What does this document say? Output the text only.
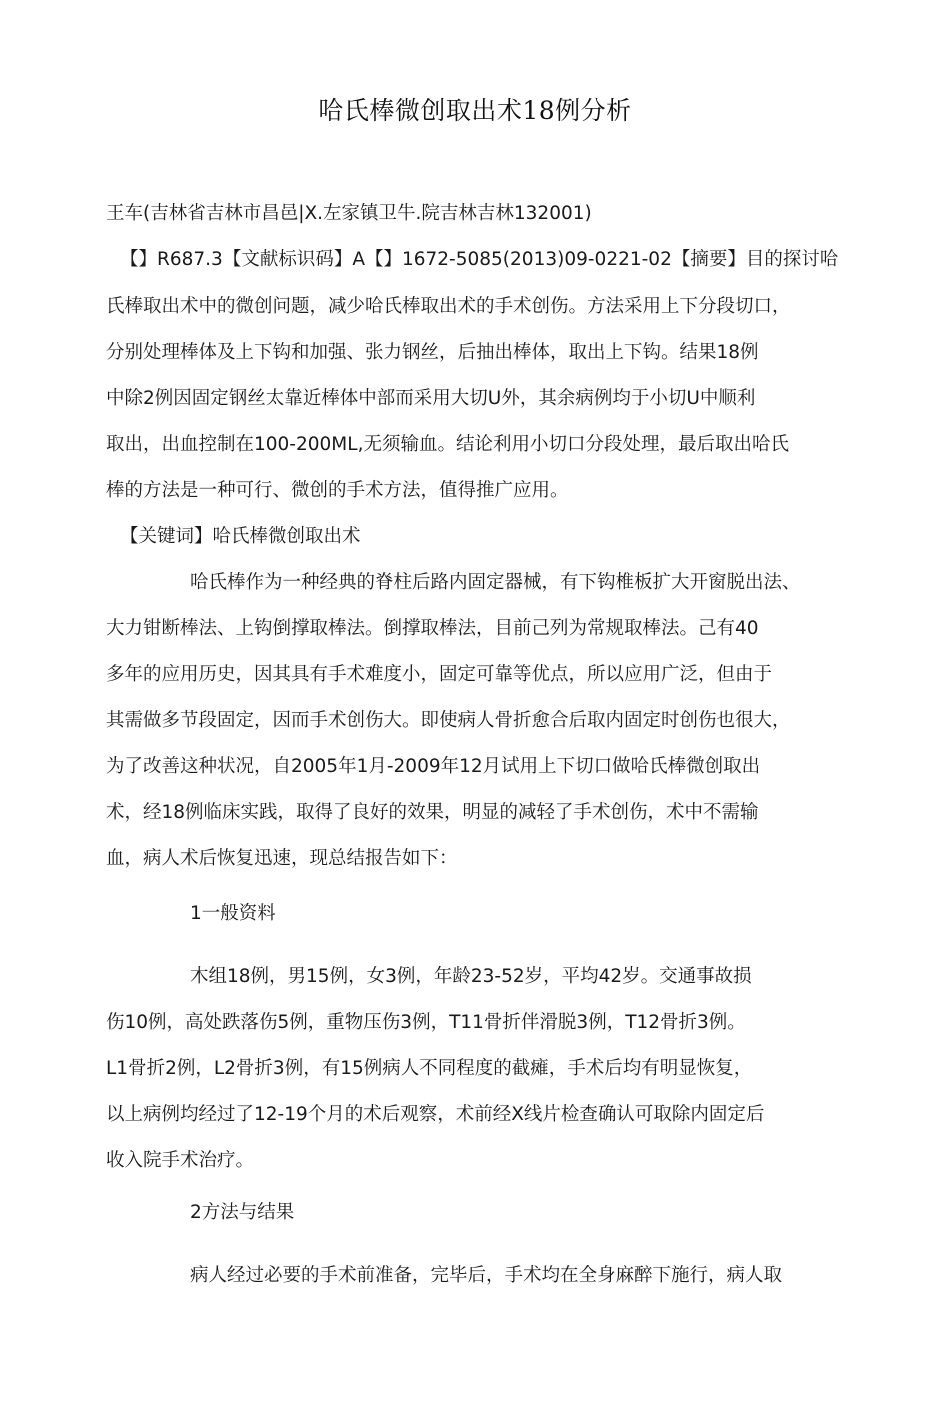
哈氏棒微创取出术18例分析
王车(吉林省吉林市昌邑|X.左家镇卫牛.院吉林吉林132001)
【】R687.3【文献标识码】A【】1672-5085(2013)09-0221-02【摘要】目的探讨哈
氏棒取出术中的微创问题，减少哈氏棒取出术的手术创伤。方法采用上下分段切口，
分别处理棒体及上下钩和加强、张力钢丝，后抽出棒体，取出上下钩。结果18例
中除2例因固定钢丝太靠近棒体中部而采用大切U外，其余病例均于小切U中顺利
取出，出血控制在100-200ML,无须输血。结论利用小切口分段处理，最后取出哈氏
棒的方法是一种可行、微创的手术方法，值得推广应用。
【关键词】哈氏棒微创取出术
哈氏棒作为一种经典的脊柱后路内固定器械，有下钩椎板扩大开窗脱出法、
大力钳断棒法、上钩倒撑取棒法。倒撑取棒法，目前己列为常规取棒法。己有40
多年的应用历史，因其具有手术难度小，固定可靠等优点，所以应用广泛，但由于
其需做多节段固定，因而手术创伤大。即使病人骨折愈合后取内固定时创伤也很大，
为了改善这种状况，自2005年1月-2009年12月试用上下切口做哈氏棒微创取出
术，经18例临床实践，取得了良好的效果，明显的减轻了手术创伤，术中不需输
血，病人术后恢复迅速，现总结报告如下：
1一般资料
木组18例，男15例，女3例，年龄23-52岁，平均42岁。交通事故损
伤10例，高处跌落伤5例，重物压伤3例，T11骨折伴滑脱3例，T12骨折3例。
L1骨折2例，L2骨折3例，有15例病人不同程度的截瘫，手术后均有明显恢复，
以上病例均经过了12-19个月的术后观察，术前经X线片检查确认可取除内固定后
收入院手术治疗。
2方法与结果
病人经过必要的手术前准备，完毕后，手术均在全身麻醉下施行，病人取
